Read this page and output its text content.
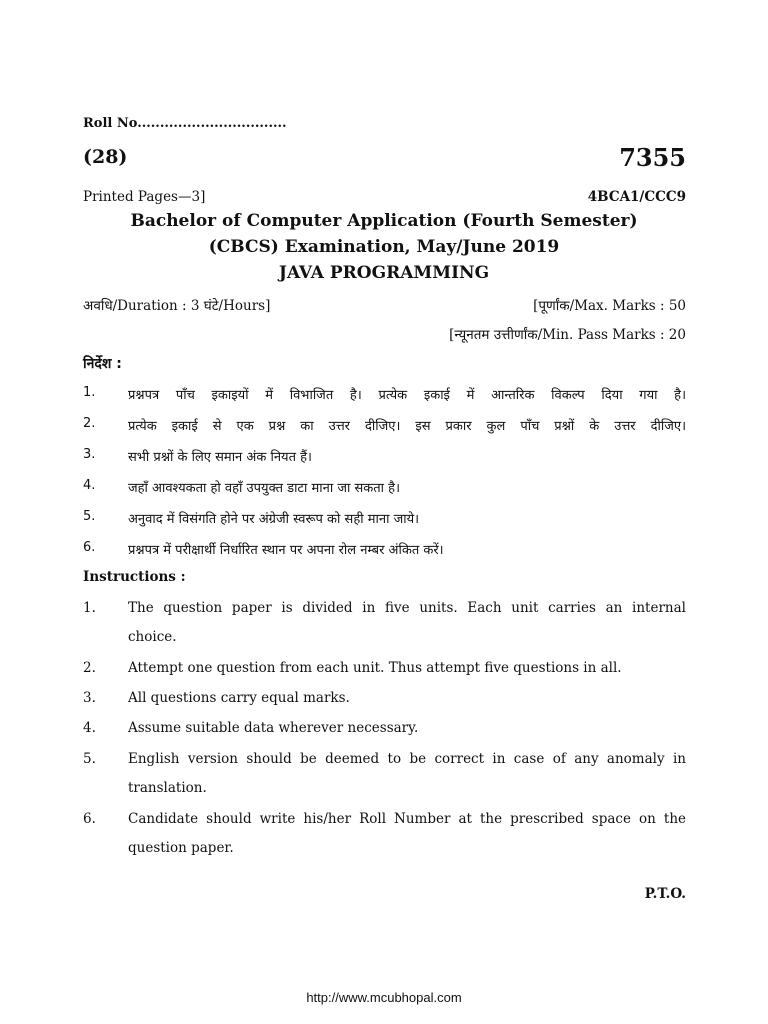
Roll No.................................
(28)	7355
Printed Pages—3]	4BCA1/CCC9
Bachelor of Computer Application (Fourth Semester)
(CBCS) Examination, May/June 2019
JAVA PROGRAMMING
अवधि/Duration : 3 घंटे/Hours]	[पूर्णांक/Max. Marks : 50
[न्यूनतम उत्तीर्णांक/Min. Pass Marks : 20
निर्देश :
1.	प्रश्नपत्र पाँच इकाइयों में विभाजित है। प्रत्येक इकाई में आन्तरिक विकल्प दिया गया है।
2.	प्रत्येक इकाई से एक प्रश्न का उत्तर दीजिए। इस प्रकार कुल पाँच प्रश्नों के उत्तर दीजिए।
3.	सभी प्रश्नों के लिए समान अंक नियत हैं।
4.	जहाँ आवश्यकता हो वहाँ उपयुक्त डाटा माना जा सकता है।
5.	अनुवाद में विसंगति होने पर अंग्रेजी स्वरूप को सही माना जाये।
6.	प्रश्नपत्र में परीक्षार्थी निर्धारित स्थान पर अपना रोल नम्बर अंकित करें।
Instructions :
1. The question paper is divided in five units. Each unit carries an internal
choice.
2. Attempt one question from each unit. Thus attempt five questions in all.
3. All questions carry equal marks.
4. Assume suitable data wherever necessary.
5. English version should be deemed to be correct in case of any anomaly in
translation.
6. Candidate should write his/her Roll Number at the prescribed space on the
question paper.
P.T.O.
http://www.mcubhopal.com
